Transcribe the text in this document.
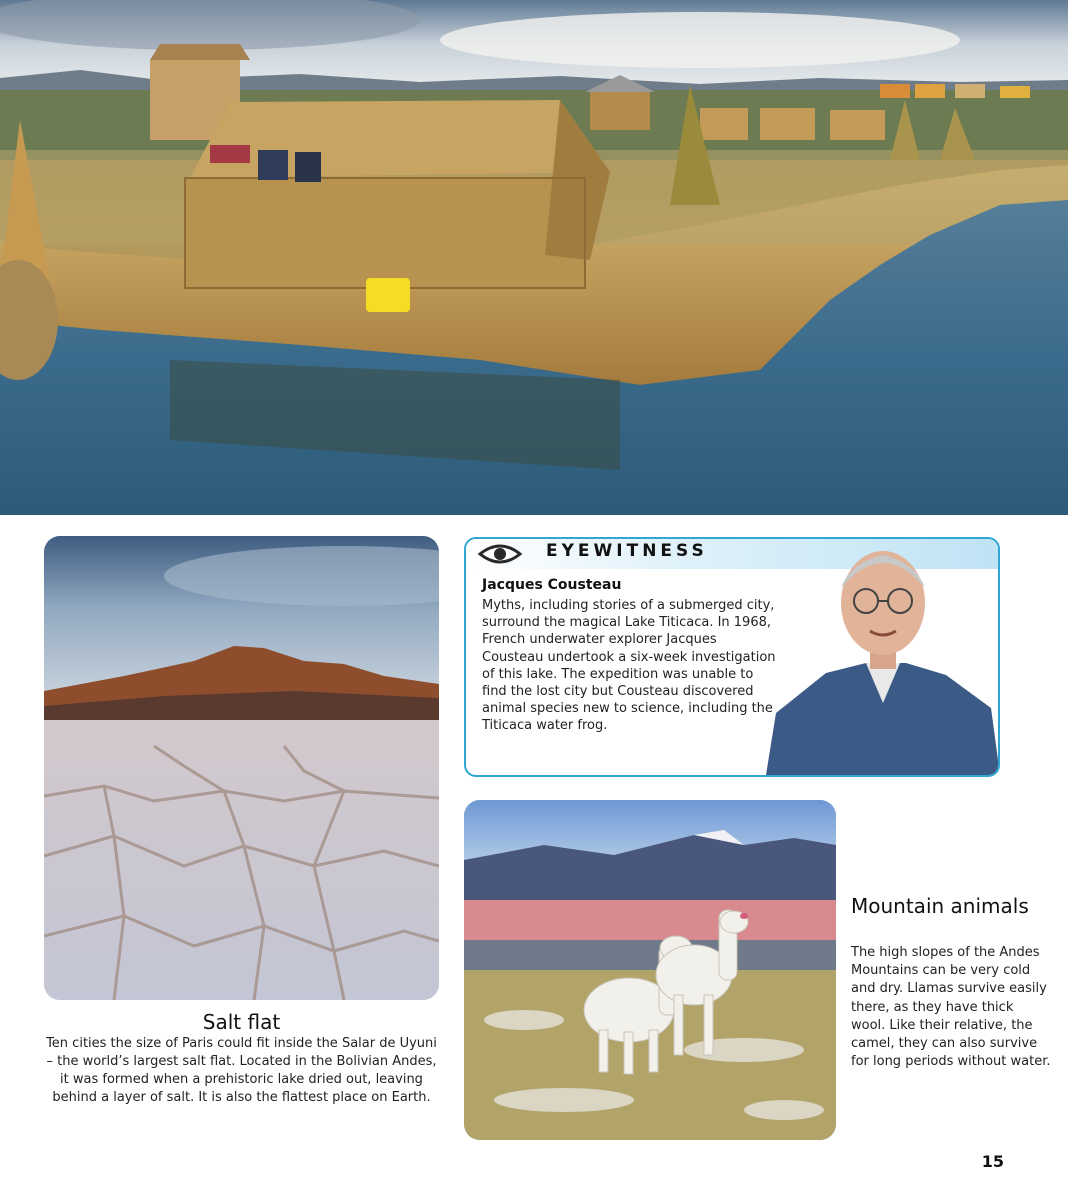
EYEWITNESS
Jacques Cousteau
Myths, including stories of a submerged city, surround the magical Lake Titicaca. In 1968, French underwater explorer Jacques Cousteau undertook a six-week investigation of this lake. The expedition was unable to find the lost city but Cousteau discovered animal species new to science, including the Titicaca water frog.
Salt flat
Ten cities the size of Paris could fit inside the Salar de Uyuni – the world’s largest salt flat. Located in the Bolivian Andes, it was formed when a prehistoric lake dried out, leaving behind a layer of salt. It is also the flattest place on Earth.
Mountain animals
The high slopes of the Andes Mountains can be very cold and dry. Llamas survive easily there, as they have thick wool. Like their relative, the camel, they can also survive for long periods without water.
15
